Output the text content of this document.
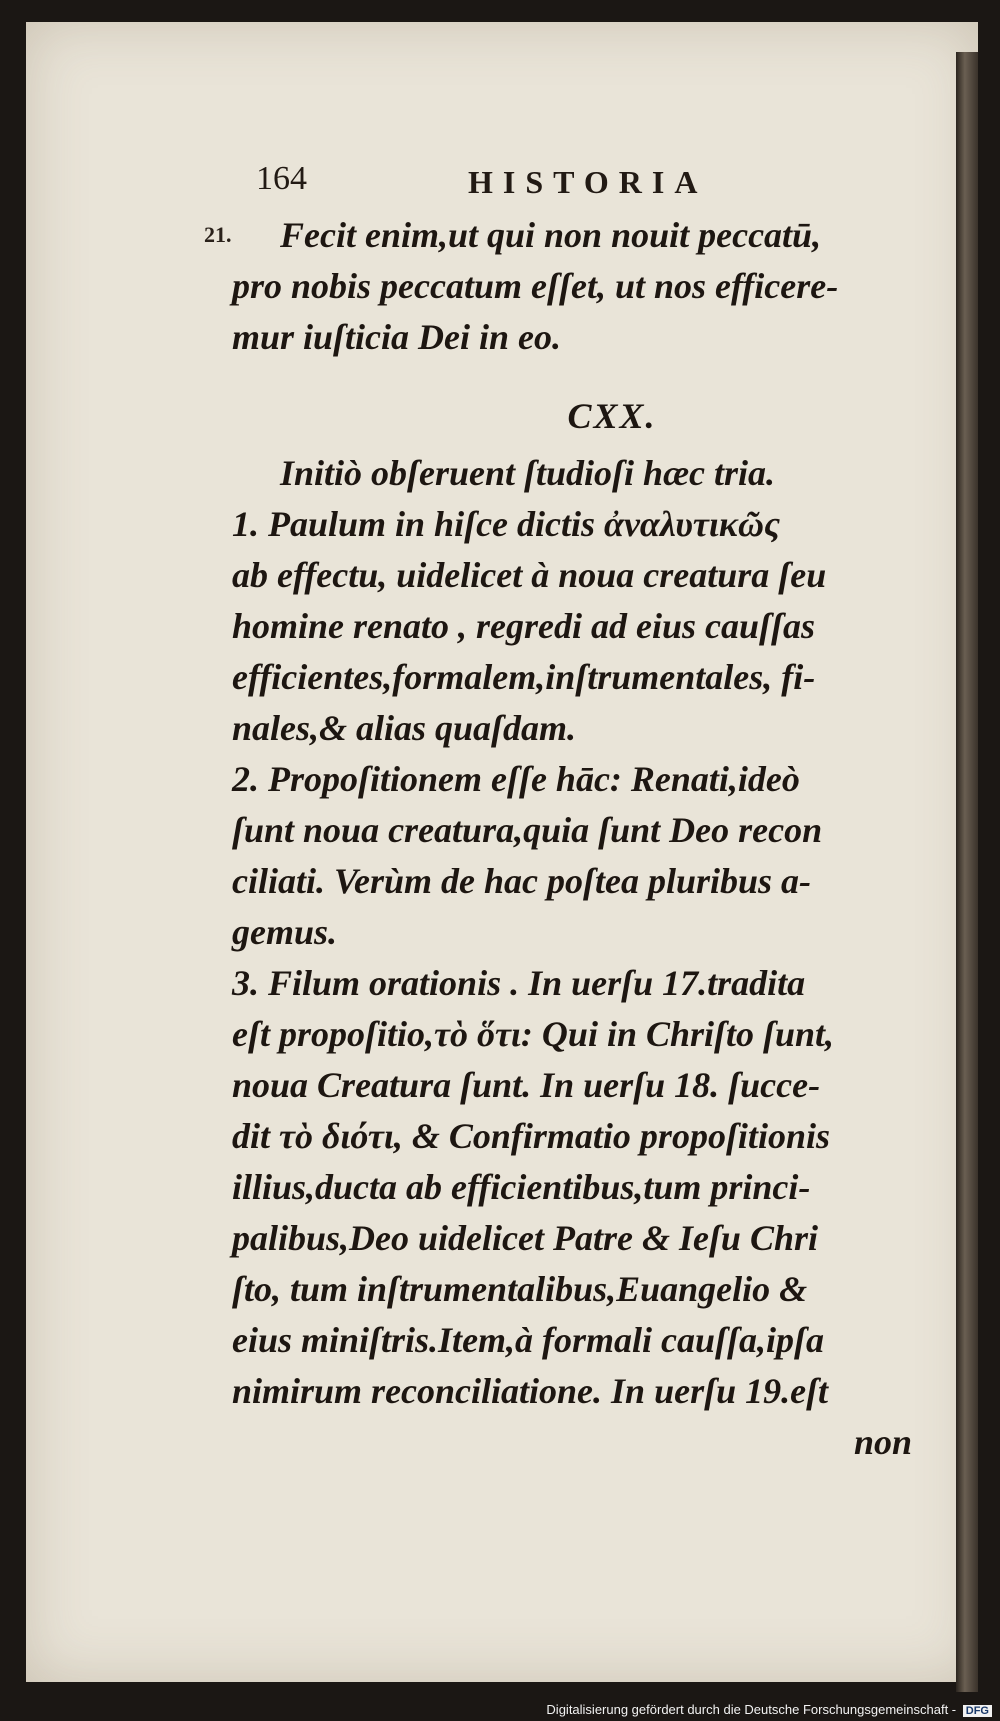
164	HISTORIA
21.	Fecit enim,ut qui non nouit peccatū,
pro nobis peccatum eſſet, ut nos efficere-
mur iuſticia Dei in eo.
CXX.
Initiò obſeruent ſtudioſi hæc tria.
1. Paulum in hiſce dictis ἀναλυτικῶς
ab effectu, uidelicet à noua creatura ſeu
homine renato , regredi ad eius cauſſas
efficientes,formalem,inſtrumentales, fi-
nales,& alias quaſdam.
2. Propoſitionem eſſe hāc: Renati,ideò
ſunt noua creatura,quia ſunt Deo recon
ciliati. Verùm de hac poſtea pluribus a-
gemus.
3. Filum orationis . In uerſu 17.tradita
eſt propoſitio,τὸ ὅτι: Qui in Chriſto ſunt,
noua Creatura ſunt. In uerſu 18. ſucce-
dit τὸ διότι, & Confirmatio propoſitionis
illius,ducta ab efficientibus,tum princi-
palibus,Deo uidelicet Patre & Ieſu Chri
ſto, tum inſtrumentalibus,Euangelio &
eius miniſtris.Item,à formali cauſſa,ipſa
nimirum reconciliatione. In uerſu 19.eſt
non
Digitalisierung gefördert durch die Deutsche Forschungsgemeinschaft - DFG
